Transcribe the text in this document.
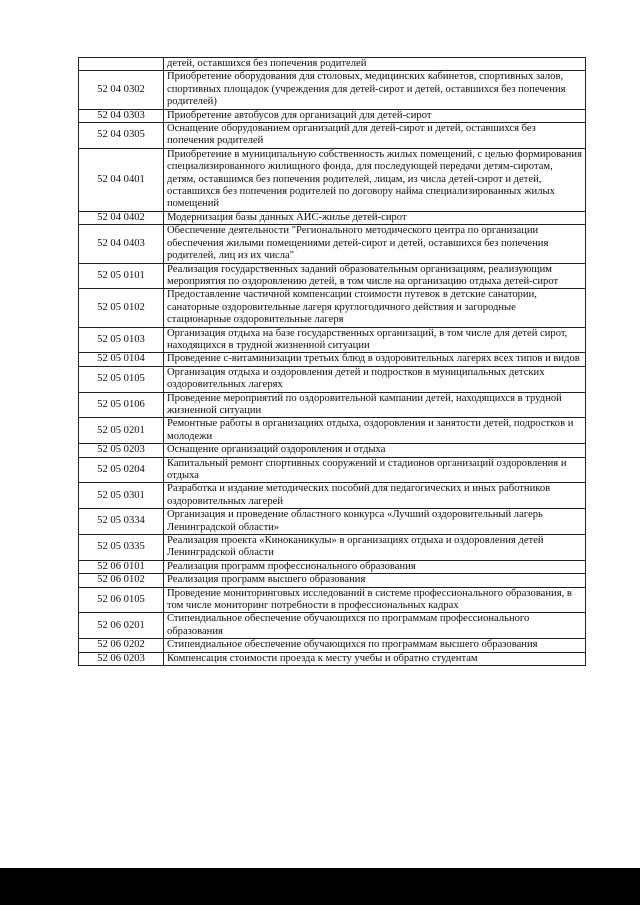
	детей, оставшихся без попечения родителей
52 04 0302	Приобретение оборудования для столовых, медицинских кабинетов, спортивных залов, спортивных площадок (учреждения для детей-сирот и детей, оставшихся без попечения родителей)
52 04 0303	Приобретение автобусов для организаций для детей-сирот
52 04 0305	Оснащение оборудованием организаций для детей-сирот и детей, оставшихся без попечения родителей
52 04 0401	Приобретение в муниципальную собственность жилых помещений, с целью формирования специализированного жилищного фонда, для последующей передачи детям-сиротам, детям, оставшимся без попечения родителей, лицам, из числа детей-сирот и детей, оставшихся без попечения родителей по договору найма специализированных жилых помещений
52 04 0402	Модернизация базы данных АИС-жилье детей-сирот
52 04 0403	Обеспечение деятельности "Регионального методического центра по организации обеспечения жилыми помещениями детей-сирот и детей, оставшихся без попечения родителей, лиц из их числа"
52 05 0101	Реализация государственных заданий образовательным организациям, реализующим мероприятия по оздоровлению детей, в том числе на организацию отдыха детей-сирот
52 05 0102	Предоставление частичной компенсации стоимости путевок в детские санатории, санаторные оздоровительные лагеря круглогодичного действия и загородные стационарные оздоровительные лагеря
52 05 0103	Организация отдыха на базе государственных организаций, в том числе для детей сирот, находящихся в трудной жизненной ситуации
52 05 0104	Проведение с-витаминизации третьих блюд в оздоровительных лагерях всех типов и видов
52 05 0105	Организация отдыха и оздоровления детей и подростков в муниципальных детских оздоровительных лагерях
52 05 0106	Проведение мероприятий по оздоровительной кампании детей, находящихся в трудной жизненной ситуации
52 05 0201	Ремонтные работы в организациях отдыха, оздоровления и занятости детей, подростков и молодежи
52 05 0203	Оснащение организаций оздоровления и отдыха
52 05 0204	Капитальный ремонт спортивных сооружений и стадионов организаций оздоровления и отдыха
52 05 0301	Разработка и издание методических пособий для педагогических и иных работников оздоровительных лагерей
52 05 0334	Организация и проведение областного конкурса «Лучший оздоровительный лагерь Ленинградской области»
52 05 0335	Реализация проекта «Киноканикулы» в организациях отдыха и оздоровления детей Ленинградской области
52 06 0101	Реализация программ профессионального образования
52 06 0102	Реализация программ высшего образования
52 06 0105	Проведение мониторинговых исследований в системе профессионального образования, в том числе мониторинг потребности в профессиональных кадрах
52 06 0201	Стипендиальное обеспечение обучающихся по программам профессионального образования
52 06 0202	Стипендиальное обеспечение обучающихся по программам высшего образования
52 06 0203	Компенсация стоимости проезда к месту учебы и обратно студентам
